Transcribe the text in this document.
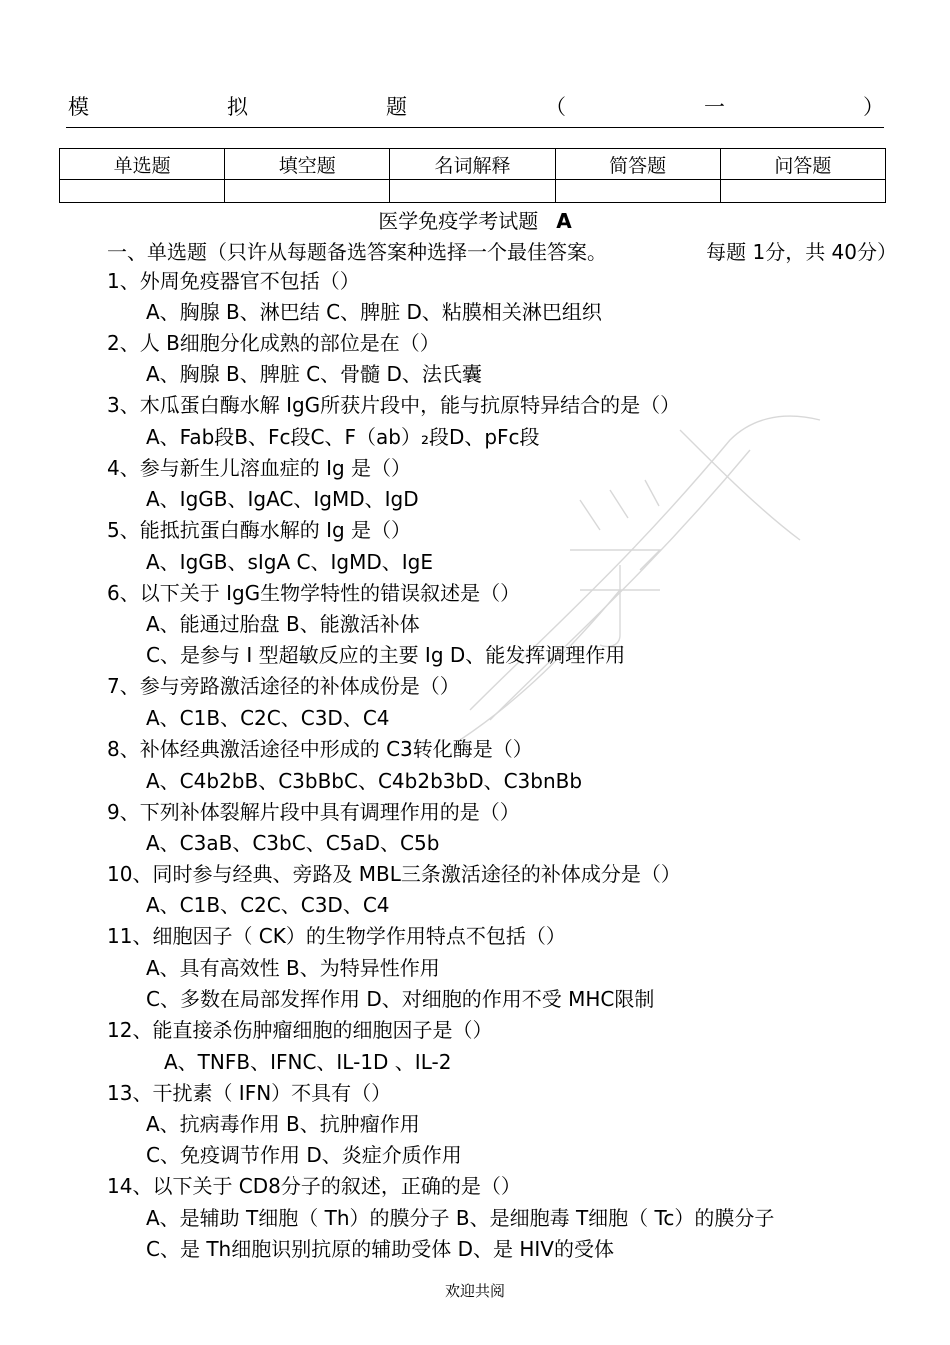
模	拟	题	（	一	）
单选题	填空题	名词解释	简答题	问答题

医学免疫学考试题 A
一、单选题（只许从每题备选答案种选择一个最佳答案。	每题 1分，共 40分）
1、外周免疫器官不包括（）
A、胸腺 B、淋巴结 C、脾脏 D、粘膜相关淋巴组织
2、人 B细胞分化成熟的部位是在（）
A、胸腺 B、脾脏 C、骨髓 D、法氏囊
3、木瓜蛋白酶水解 IgG所获片段中，能与抗原特异结合的是（）
A、Fab段B、Fc段C、F（ab）₂段D、pFc段
4、参与新生儿溶血症的 Ig 是（）
A、IgGB、IgAC、IgMD、IgD
5、能抵抗蛋白酶水解的 Ig 是（）
A、IgGB、sIgA C、IgMD、IgE
6、以下关于 IgG生物学特性的错误叙述是（）
A、能通过胎盘 B、能激活补体
C、是参与 I 型超敏反应的主要 Ig D、能发挥调理作用
7、参与旁路激活途径的补体成份是（）
A、C1B、C2C、C3D、C4
8、补体经典激活途径中形成的 C3转化酶是（）
A、C4b2bB、C3bBbC、C4b2b3bD、C3bnBb
9、下列补体裂解片段中具有调理作用的是（）
A、C3aB、C3bC、C5aD、C5b
10、同时参与经典、旁路及 MBL三条激活途径的补体成分是（）
A、C1B、C2C、C3D、C4
11、细胞因子（ CK）的生物学作用特点不包括（）
A、具有高效性 B、为特异性作用
C、多数在局部发挥作用 D、对细胞的作用不受 MHC限制
12、能直接杀伤肿瘤细胞的细胞因子是（）
A、TNFB、IFNC、IL-1D 、IL-2
13、干扰素（ IFN）不具有（）
A、抗病毒作用 B、抗肿瘤作用
C、免疫调节作用 D、炎症介质作用
14、以下关于 CD8分子的叙述，正确的是（）
A、是辅助 T细胞（ Th）的膜分子 B、是细胞毒 T细胞（ Tc）的膜分子
C、是 Th细胞识别抗原的辅助受体 D、是 HIV的受体
欢迎共阅
